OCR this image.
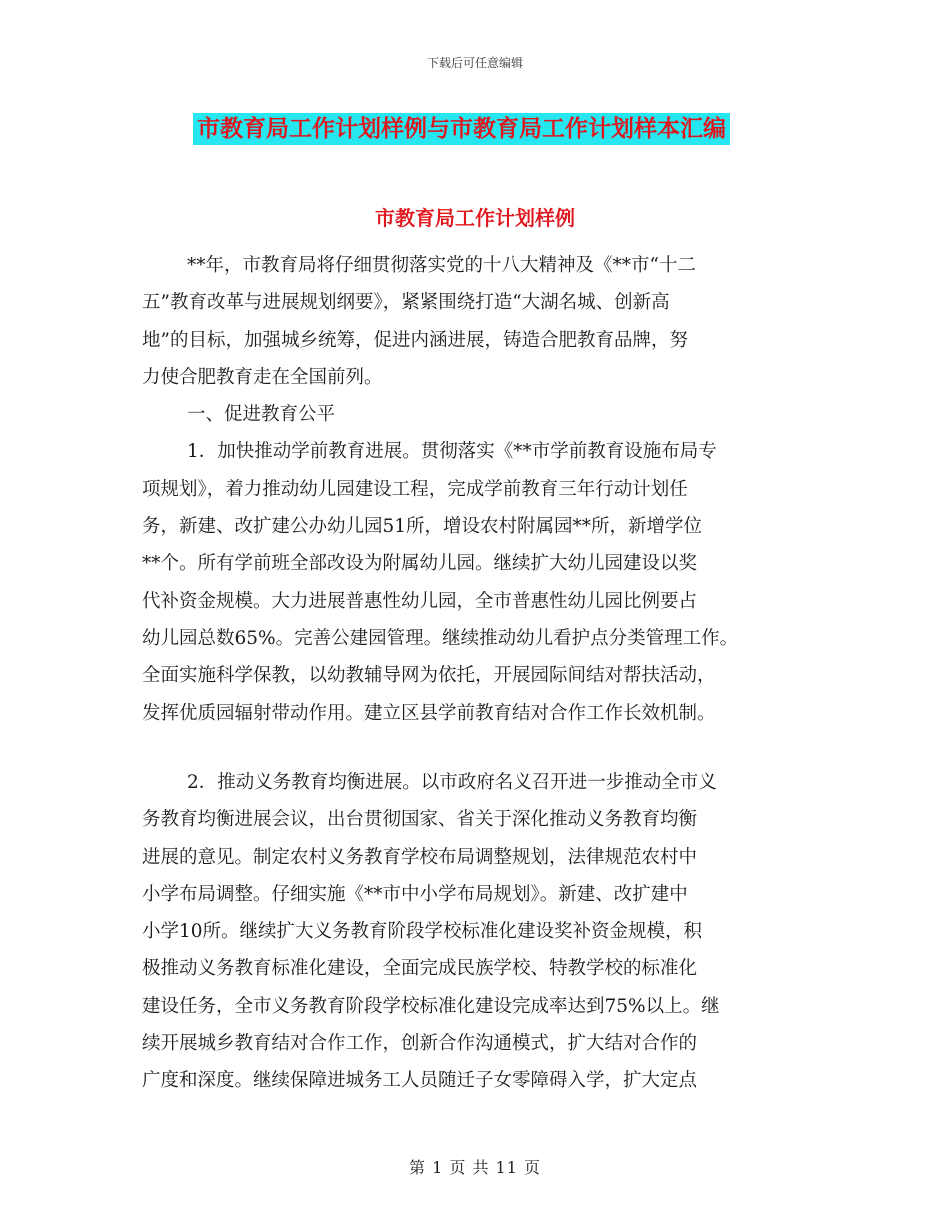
下载后可任意编辑
市教育局工作计划样例与市教育局工作计划样本汇编
市教育局工作计划样例
**年，市教育局将仔细贯彻落实党的十八大精神及《**市“十二
五”教育改革与进展规划纲要》，紧紧围绕打造“大湖名城、创新高
地”的目标，加强城乡统筹，促进内涵进展，铸造合肥教育品牌，努
力使合肥教育走在全国前列。
一、促进教育公平
1．加快推动学前教育进展。贯彻落实《**市学前教育设施布局专
项规划》，着力推动幼儿园建设工程，完成学前教育三年行动计划任
务，新建、改扩建公办幼儿园51所，增设农村附属园**所，新增学位
**个。所有学前班全部改设为附属幼儿园。继续扩大幼儿园建设以奖
代补资金规模。大力进展普惠性幼儿园，全市普惠性幼儿园比例要占
幼儿园总数65%。完善公建园管理。继续推动幼儿看护点分类管理工作。
全面实施科学保教，以幼教辅导网为依托，开展园际间结对帮扶活动，
发挥优质园辐射带动作用。建立区县学前教育结对合作工作长效机制。
2．推动义务教育均衡进展。以市政府名义召开进一步推动全市义
务教育均衡进展会议，出台贯彻国家、省关于深化推动义务教育均衡
进展的意见。制定农村义务教育学校布局调整规划，法律规范农村中
小学布局调整。仔细实施《**市中小学布局规划》。新建、改扩建中
小学10所。继续扩大义务教育阶段学校标准化建设奖补资金规模，积
极推动义务教育标准化建设，全面完成民族学校、特教学校的标准化
建设任务，全市义务教育阶段学校标准化建设完成率达到75%以上。继
续开展城乡教育结对合作工作，创新合作沟通模式，扩大结对合作的
广度和深度。继续保障进城务工人员随迁子女零障碍入学，扩大定点
第 1 页 共 11 页
